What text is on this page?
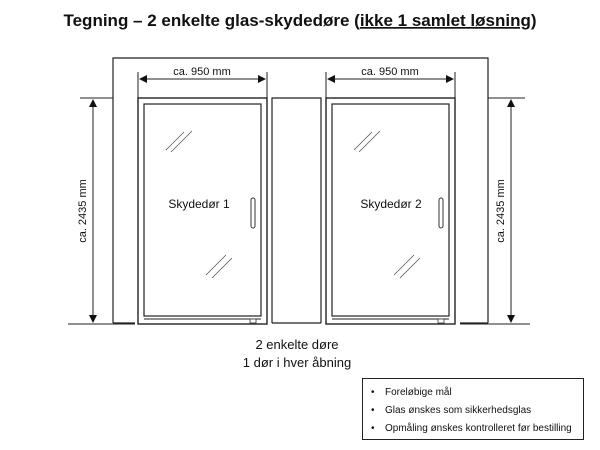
Tegning – 2 enkelte glas-skydedøre (ikke 1 samlet løsning)
Skydedør 1	Skydedør 2
ca. 950 mm	ca. 950 mm
ca. 2435 mm	ca. 2435 mm
2 enkelte døre
1 dør i hver åbning
• Foreløbige mål
• Glas ønskes som sikkerhedsglas
• Opmåling ønskes kontrolleret før bestilling
